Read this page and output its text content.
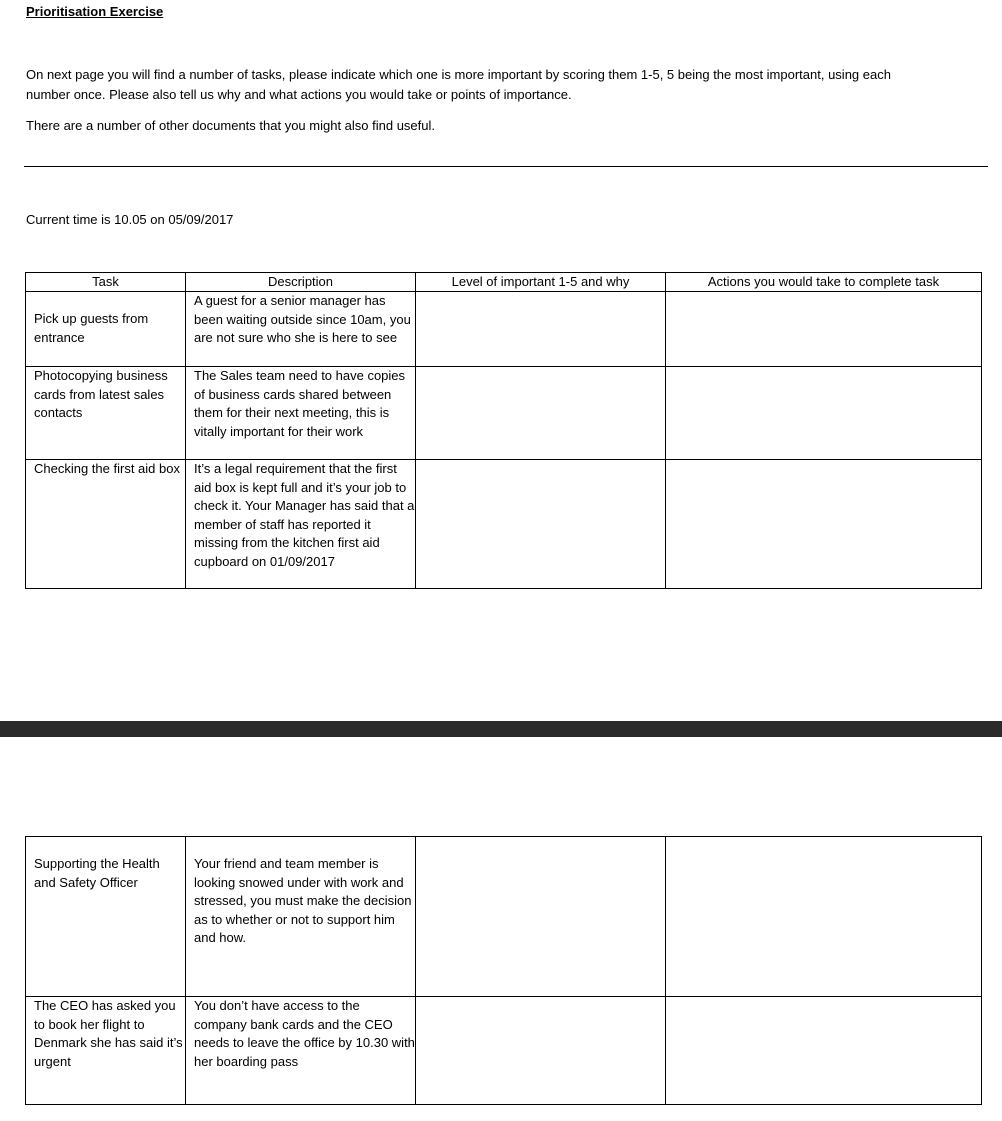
Prioritisation Exercise
On next page you will find a number of tasks, please indicate which one is more important by scoring them 1-5, 5 being the most important, using each
number once. Please also tell us why and what actions you would take or points of importance.
There are a number of other documents that you might also find useful.
Current time is 10.05 on 05/09/2017
Task	Description	Level of important 1-5 and why	Actions you would take to complete task
Pick up guests from entrance	A guest for a senior manager has been waiting outside since 10am, you are not sure who she is here to see		
Photocopying business cards from latest sales contacts	The Sales team need to have copies of business cards shared between them for their next meeting, this is vitally important for their work		
Checking the first aid box	It’s a legal requirement that the first aid box is kept full and it’s your job to check it. Your Manager has said that a member of staff has reported it missing from the kitchen first aid cupboard on 01/09/2017		
Supporting the Health and Safety Officer	Your friend and team member is looking snowed under with work and stressed, you must make the decision as to whether or not to support him and how.		
The CEO has asked you to book her flight to Denmark she has said it’s urgent	You don’t have access to the company bank cards and the CEO needs to leave the office by 10.30 with her boarding pass		
